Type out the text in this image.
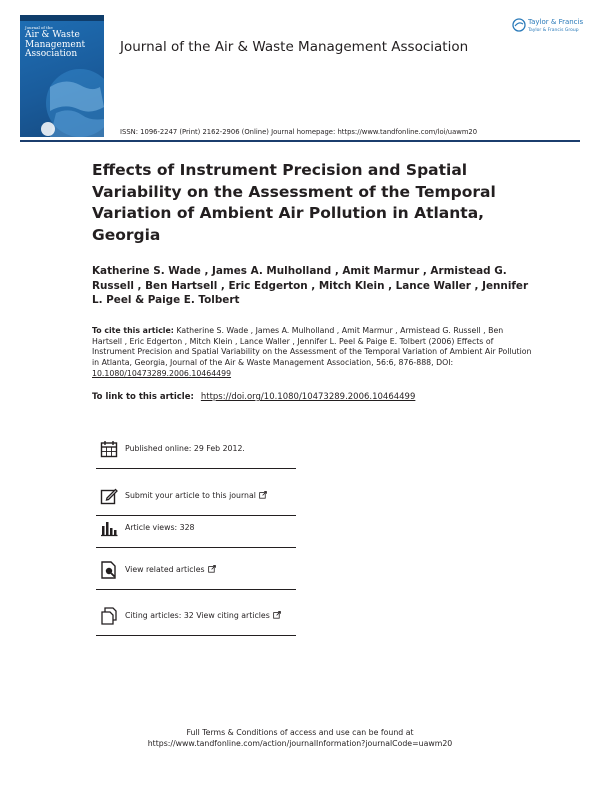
Journal of the
Air & Waste
Management
Association	Journal of the Air & Waste Management Association
Taylor & Francis
Taylor & Francis Group
ISSN: 1096-2247 (Print) 2162-2906 (Online) Journal homepage: https://www.tandfonline.com/loi/uawm20
Effects of Instrument Precision and Spatial Variability on the Assessment of the Temporal Variation of Ambient Air Pollution in Atlanta, Georgia
Katherine S. Wade , James A. Mulholland , Amit Marmur , Armistead G. Russell , Ben Hartsell , Eric Edgerton , Mitch Klein , Lance Waller , Jennifer L. Peel & Paige E. Tolbert
To cite this article: Katherine S. Wade , James A. Mulholland , Amit Marmur , Armistead G. Russell , Ben Hartsell , Eric Edgerton , Mitch Klein , Lance Waller , Jennifer L. Peel & Paige E. Tolbert (2006) Effects of Instrument Precision and Spatial Variability on the Assessment of the Temporal Variation of Ambient Air Pollution in Atlanta, Georgia, Journal of the Air & Waste Management Association, 56:6, 876-888, DOI: 10.1080/10473289.2006.10464499
To link to this article: https://doi.org/10.1080/10473289.2006.10464499
Published online: 29 Feb 2012.
Submit your article to this journal
Article views: 328
View related articles
Citing articles: 32 View citing articles
Full Terms & Conditions of access and use can be found at
https://www.tandfonline.com/action/journalInformation?journalCode=uawm20
